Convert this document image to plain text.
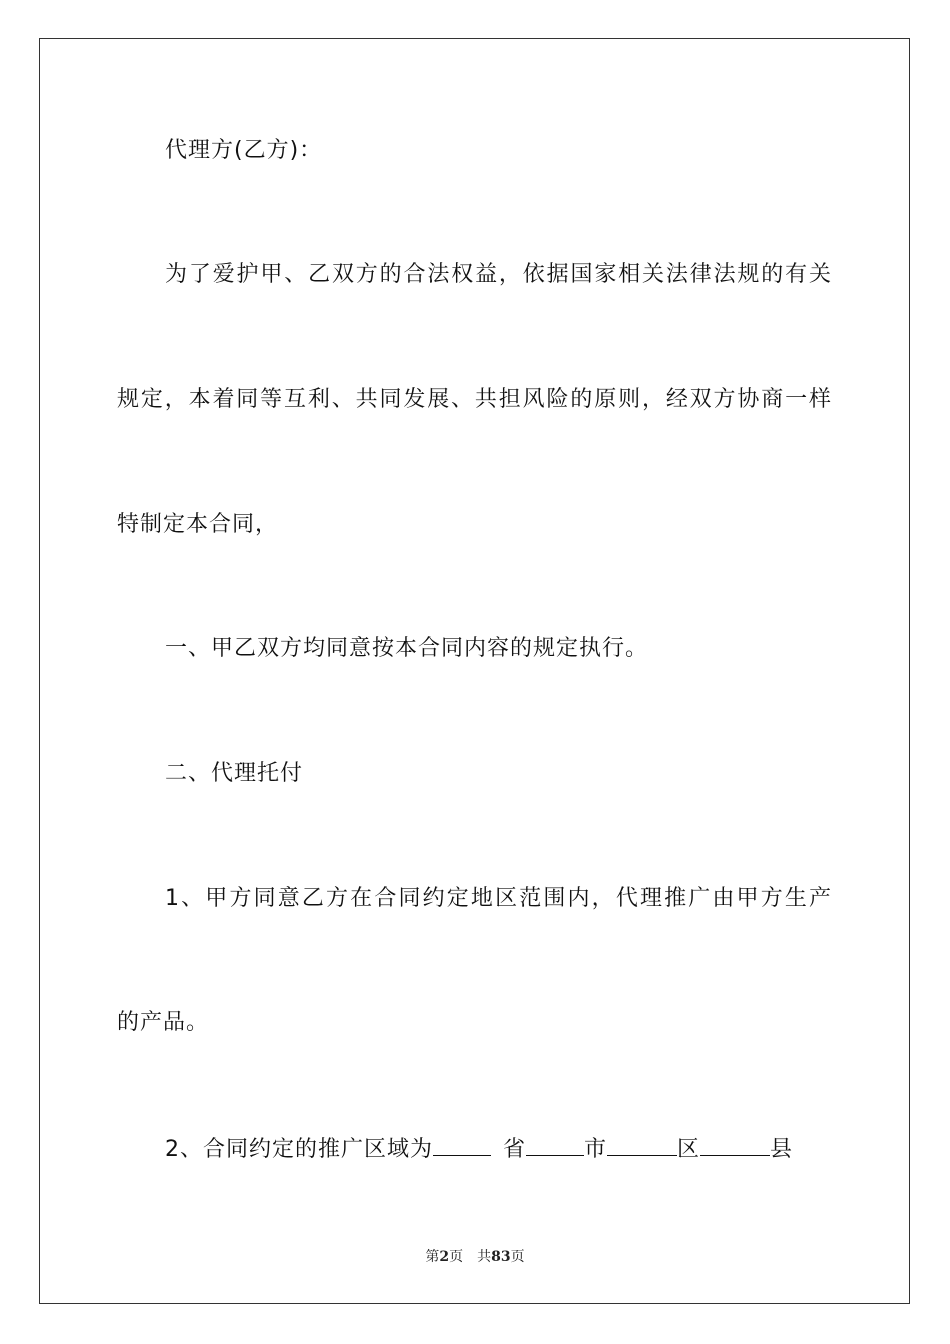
代理方(乙方)：
为了爱护甲、乙双方的合法权益，依据国家相关法律法规的有关
规定，本着同等互利、共同发展、共担风险的原则，经双方协商一样
特制定本合同，
一、甲乙双方均同意按本合同内容的规定执行。
二、代理托付
1、甲方同意乙方在合同约定地区范围内，代理推广由甲方生产
的产品。
2、合同约定的推广区域为	省	市	区	县
第2页 共83页
